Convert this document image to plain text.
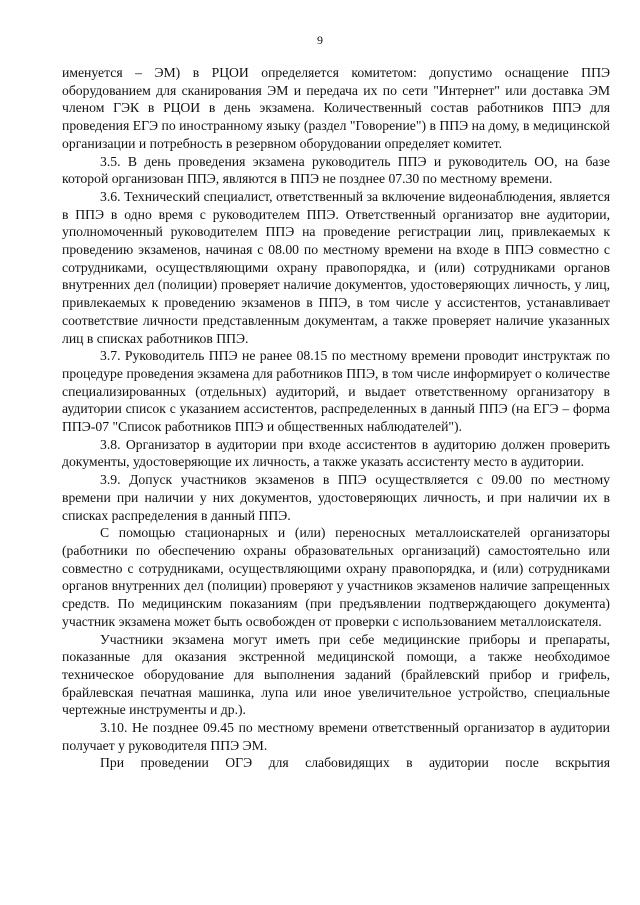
9

именуется – ЭМ) в РЦОИ определяется комитетом: допустимо оснащение ППЭ оборудованием для сканирования ЭМ и передача их по сети "Интернет" или доставка ЭМ членом ГЭК в РЦОИ в день экзамена. Количественный состав работников ППЭ для проведения ЕГЭ по иностранному языку (раздел "Говорение") в ППЭ на дому, в медицинской организации и потребность в резервном оборудовании определяет комитет.

3.5. В день проведения экзамена руководитель ППЭ и руководитель ОО, на базе которой организован ППЭ, являются в ППЭ не позднее 07.30 по местному времени.

3.6. Технический специалист, ответственный за включение видеонаблюдения, является в ППЭ в одно время с руководителем ППЭ. Ответственный организатор вне аудитории, уполномоченный руководителем ППЭ на проведение регистрации лиц, привлекаемых к проведению экзаменов, начиная с 08.00 по местному времени на входе в ППЭ совместно с сотрудниками, осуществляющими охрану правопорядка, и (или) сотрудниками органов внутренних дел (полиции) проверяет наличие документов, удостоверяющих личность, у лиц, привлекаемых к проведению экзаменов в ППЭ, в том числе у ассистентов, устанавливает соответствие личности представленным документам, а также проверяет наличие указанных лиц в списках работников ППЭ.

3.7. Руководитель ППЭ не ранее 08.15 по местному времени проводит инструктаж по процедуре проведения экзамена для работников ППЭ, в том числе информирует о количестве специализированных (отдельных) аудиторий, и выдает ответственному организатору в аудитории список с указанием ассистентов, распределенных в данный ППЭ (на ЕГЭ – форма ППЭ-07 "Список работников ППЭ и общественных наблюдателей").

3.8. Организатор в аудитории при входе ассистентов в аудиторию должен проверить документы, удостоверяющие их личность, а также указать ассистенту место в аудитории.

3.9. Допуск участников экзаменов в ППЭ осуществляется с 09.00 по местному времени при наличии у них документов, удостоверяющих личность, и при наличии их в списках распределения в данный ППЭ.

С помощью стационарных и (или) переносных металлоискателей организаторы (работники по обеспечению охраны образовательных организаций) самостоятельно или совместно с сотрудниками, осуществляющими охрану правопорядка, и (или) сотрудниками органов внутренних дел (полиции) проверяют у участников экзаменов наличие запрещенных средств. По медицинским показаниям (при предъявлении подтверждающего документа) участник экзамена может быть освобожден от проверки с использованием металлоискателя.

Участники экзамена могут иметь при себе медицинские приборы и препараты, показанные для оказания экстренной медицинской помощи, а также необходимое техническое оборудование для выполнения заданий (брайлевский прибор и грифель, брайлевская печатная машинка, лупа или иное увеличительное устройство, специальные чертежные инструменты и др.).

3.10. Не позднее 09.45 по местному времени ответственный организатор в аудитории получает у руководителя ППЭ ЭМ.

При проведении ОГЭ для слабовидящих в аудитории после вскрытия
